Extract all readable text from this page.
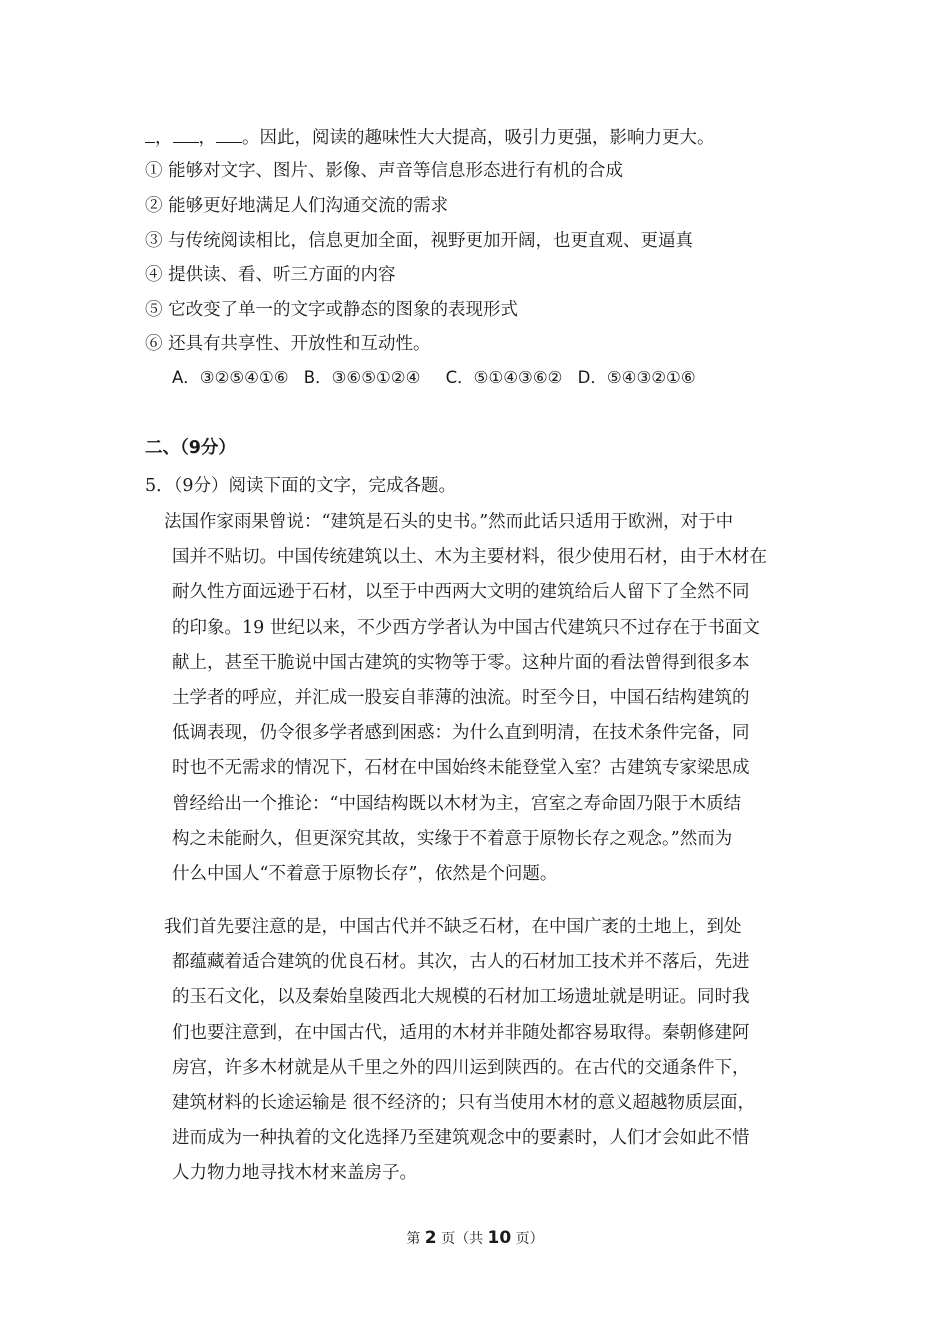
， ， 。因此，阅读的趣味性大大提高，吸引力更强，影响力更大。
① 能够对文字、图片、影像、声音等信息形态进行有机的合成
② 能够更好地满足人们沟通交流的需求
③ 与传统阅读相比，信息更加全面，视野更加开阔，也更直观、更逼真
④ 提供读、看、听三方面的内容
⑤ 它改变了单一的文字或静态的图象的表现形式
⑥ 还具有共享性、开放性和互动性。
A．③②⑤④①⑥ B．③⑥⑤①②④ C．⑤①④③⑥② D．⑤④③②①⑥
二、（9分）
5．（9分）阅读下面的文字，完成各题。
法国作家雨果曾说：“建筑是石头的史书。”然而此话只适用于欧洲，对于中
国并不贴切。中国传统建筑以土、木为主要材料，很少使用石材，由于木材在
耐久性方面远逊于石材，以至于中西两大文明的建筑给后人留下了全然不同
的印象。19 世纪以来，不少西方学者认为中国古代建筑只不过存在于书面文
献上，甚至干脆说中国古建筑的实物等于零。这种片面的看法曾得到很多本
土学者的呼应，并汇成一股妄自菲薄的浊流。时至今日，中国石结构建筑的
低调表现，仍令很多学者感到困惑：为什么直到明清，在技术条件完备，同
时也不无需求的情况下，石材在中国始终未能登堂入室？古建筑专家梁思成
曾经给出一个推论：“中国结构既以木材为主，宫室之寿命固乃限于木质结
构之未能耐久，但更深究其故，实缘于不着意于原物长存之观念。”然而为
什么中国人“不着意于原物长存”，依然是个问题。
我们首先要注意的是，中国古代并不缺乏石材，在中国广袤的土地上，到处
都蕴藏着适合建筑的优良石材。其次，古人的石材加工技术并不落后，先进
的玉石文化，以及秦始皇陵西北大规模的石材加工场遗址就是明证。同时我
们也要注意到，在中国古代，适用的木材并非随处都容易取得。秦朝修建阿
房宫，许多木材就是从千里之外的四川运到陕西的。在古代的交通条件下，
建筑材料的长途运输是 很不经济的；只有当使用木材的意义超越物质层面，
进而成为一种执着的文化选择乃至建筑观念中的要素时，人们才会如此不惜
人力物力地寻找木材来盖房子。
第 2 页（共 10 页）
